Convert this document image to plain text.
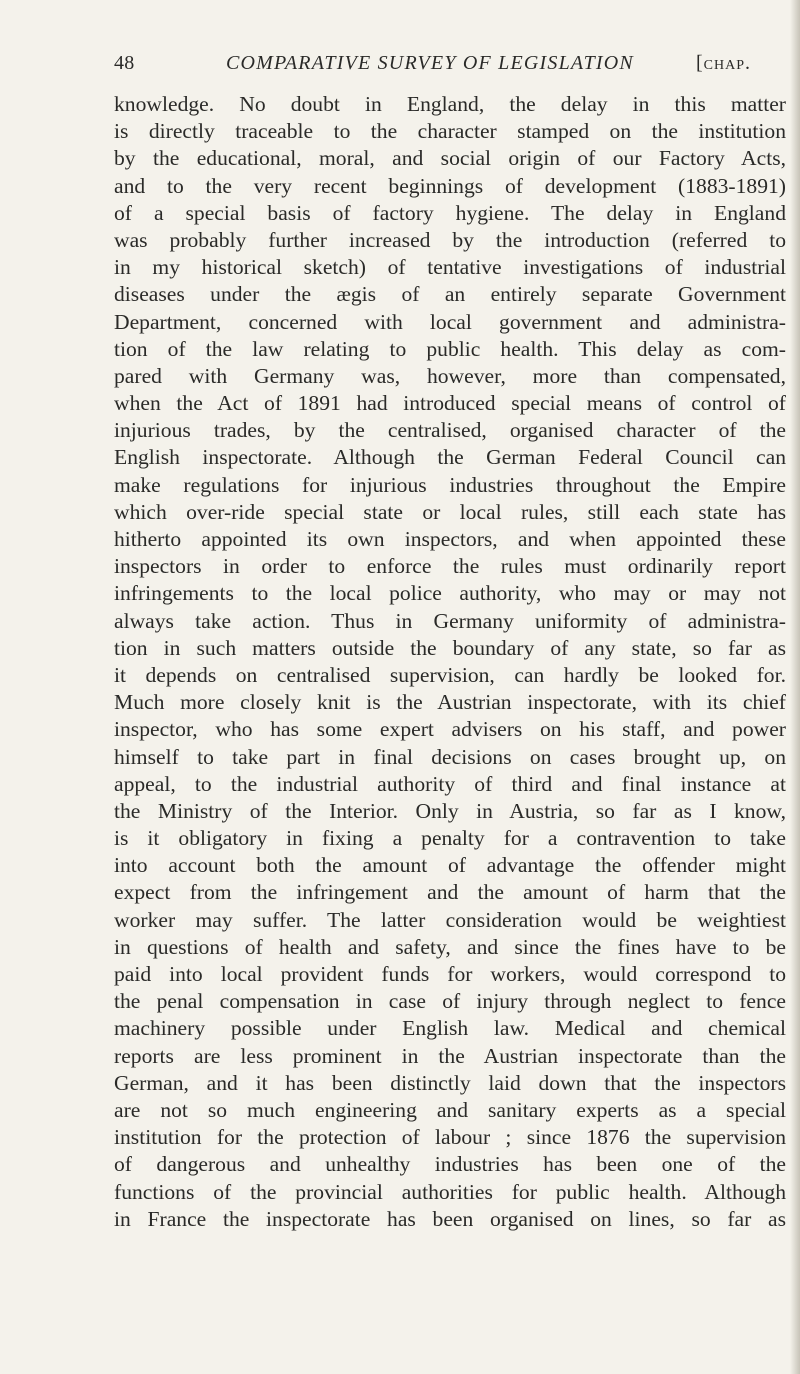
48	COMPARATIVE SURVEY OF LEGISLATION	[chap.
knowledge. No doubt in England, the delay in this matter
is directly traceable to the character stamped on the institution
by the educational, moral, and social origin of our Factory Acts,
and to the very recent beginnings of development (1883-1891)
of a special basis of factory hygiene. The delay in England
was probably further increased by the introduction (referred to
in my historical sketch) of tentative investigations of industrial
diseases under the ægis of an entirely separate Government
Department, concerned with local government and administra-
tion of the law relating to public health. This delay as com-
pared with Germany was, however, more than compensated,
when the Act of 1891 had introduced special means of control of
injurious trades, by the centralised, organised character of the
English inspectorate. Although the German Federal Council can
make regulations for injurious industries throughout the Empire
which over-ride special state or local rules, still each state has
hitherto appointed its own inspectors, and when appointed these
inspectors in order to enforce the rules must ordinarily report
infringements to the local police authority, who may or may not
always take action. Thus in Germany uniformity of administra-
tion in such matters outside the boundary of any state, so far as
it depends on centralised supervision, can hardly be looked for.
Much more closely knit is the Austrian inspectorate, with its chief
inspector, who has some expert advisers on his staff, and power
himself to take part in final decisions on cases brought up, on
appeal, to the industrial authority of third and final instance at
the Ministry of the Interior. Only in Austria, so far as I know,
is it obligatory in fixing a penalty for a contravention to take
into account both the amount of advantage the offender might
expect from the infringement and the amount of harm that the
worker may suffer. The latter consideration would be weightiest
in questions of health and safety, and since the fines have to be
paid into local provident funds for workers, would correspond to
the penal compensation in case of injury through neglect to fence
machinery possible under English law. Medical and chemical
reports are less prominent in the Austrian inspectorate than the
German, and it has been distinctly laid down that the inspectors
are not so much engineering and sanitary experts as a special
institution for the protection of labour ; since 1876 the supervision
of dangerous and unhealthy industries has been one of the
functions of the provincial authorities for public health. Although
in France the inspectorate has been organised on lines, so far as
